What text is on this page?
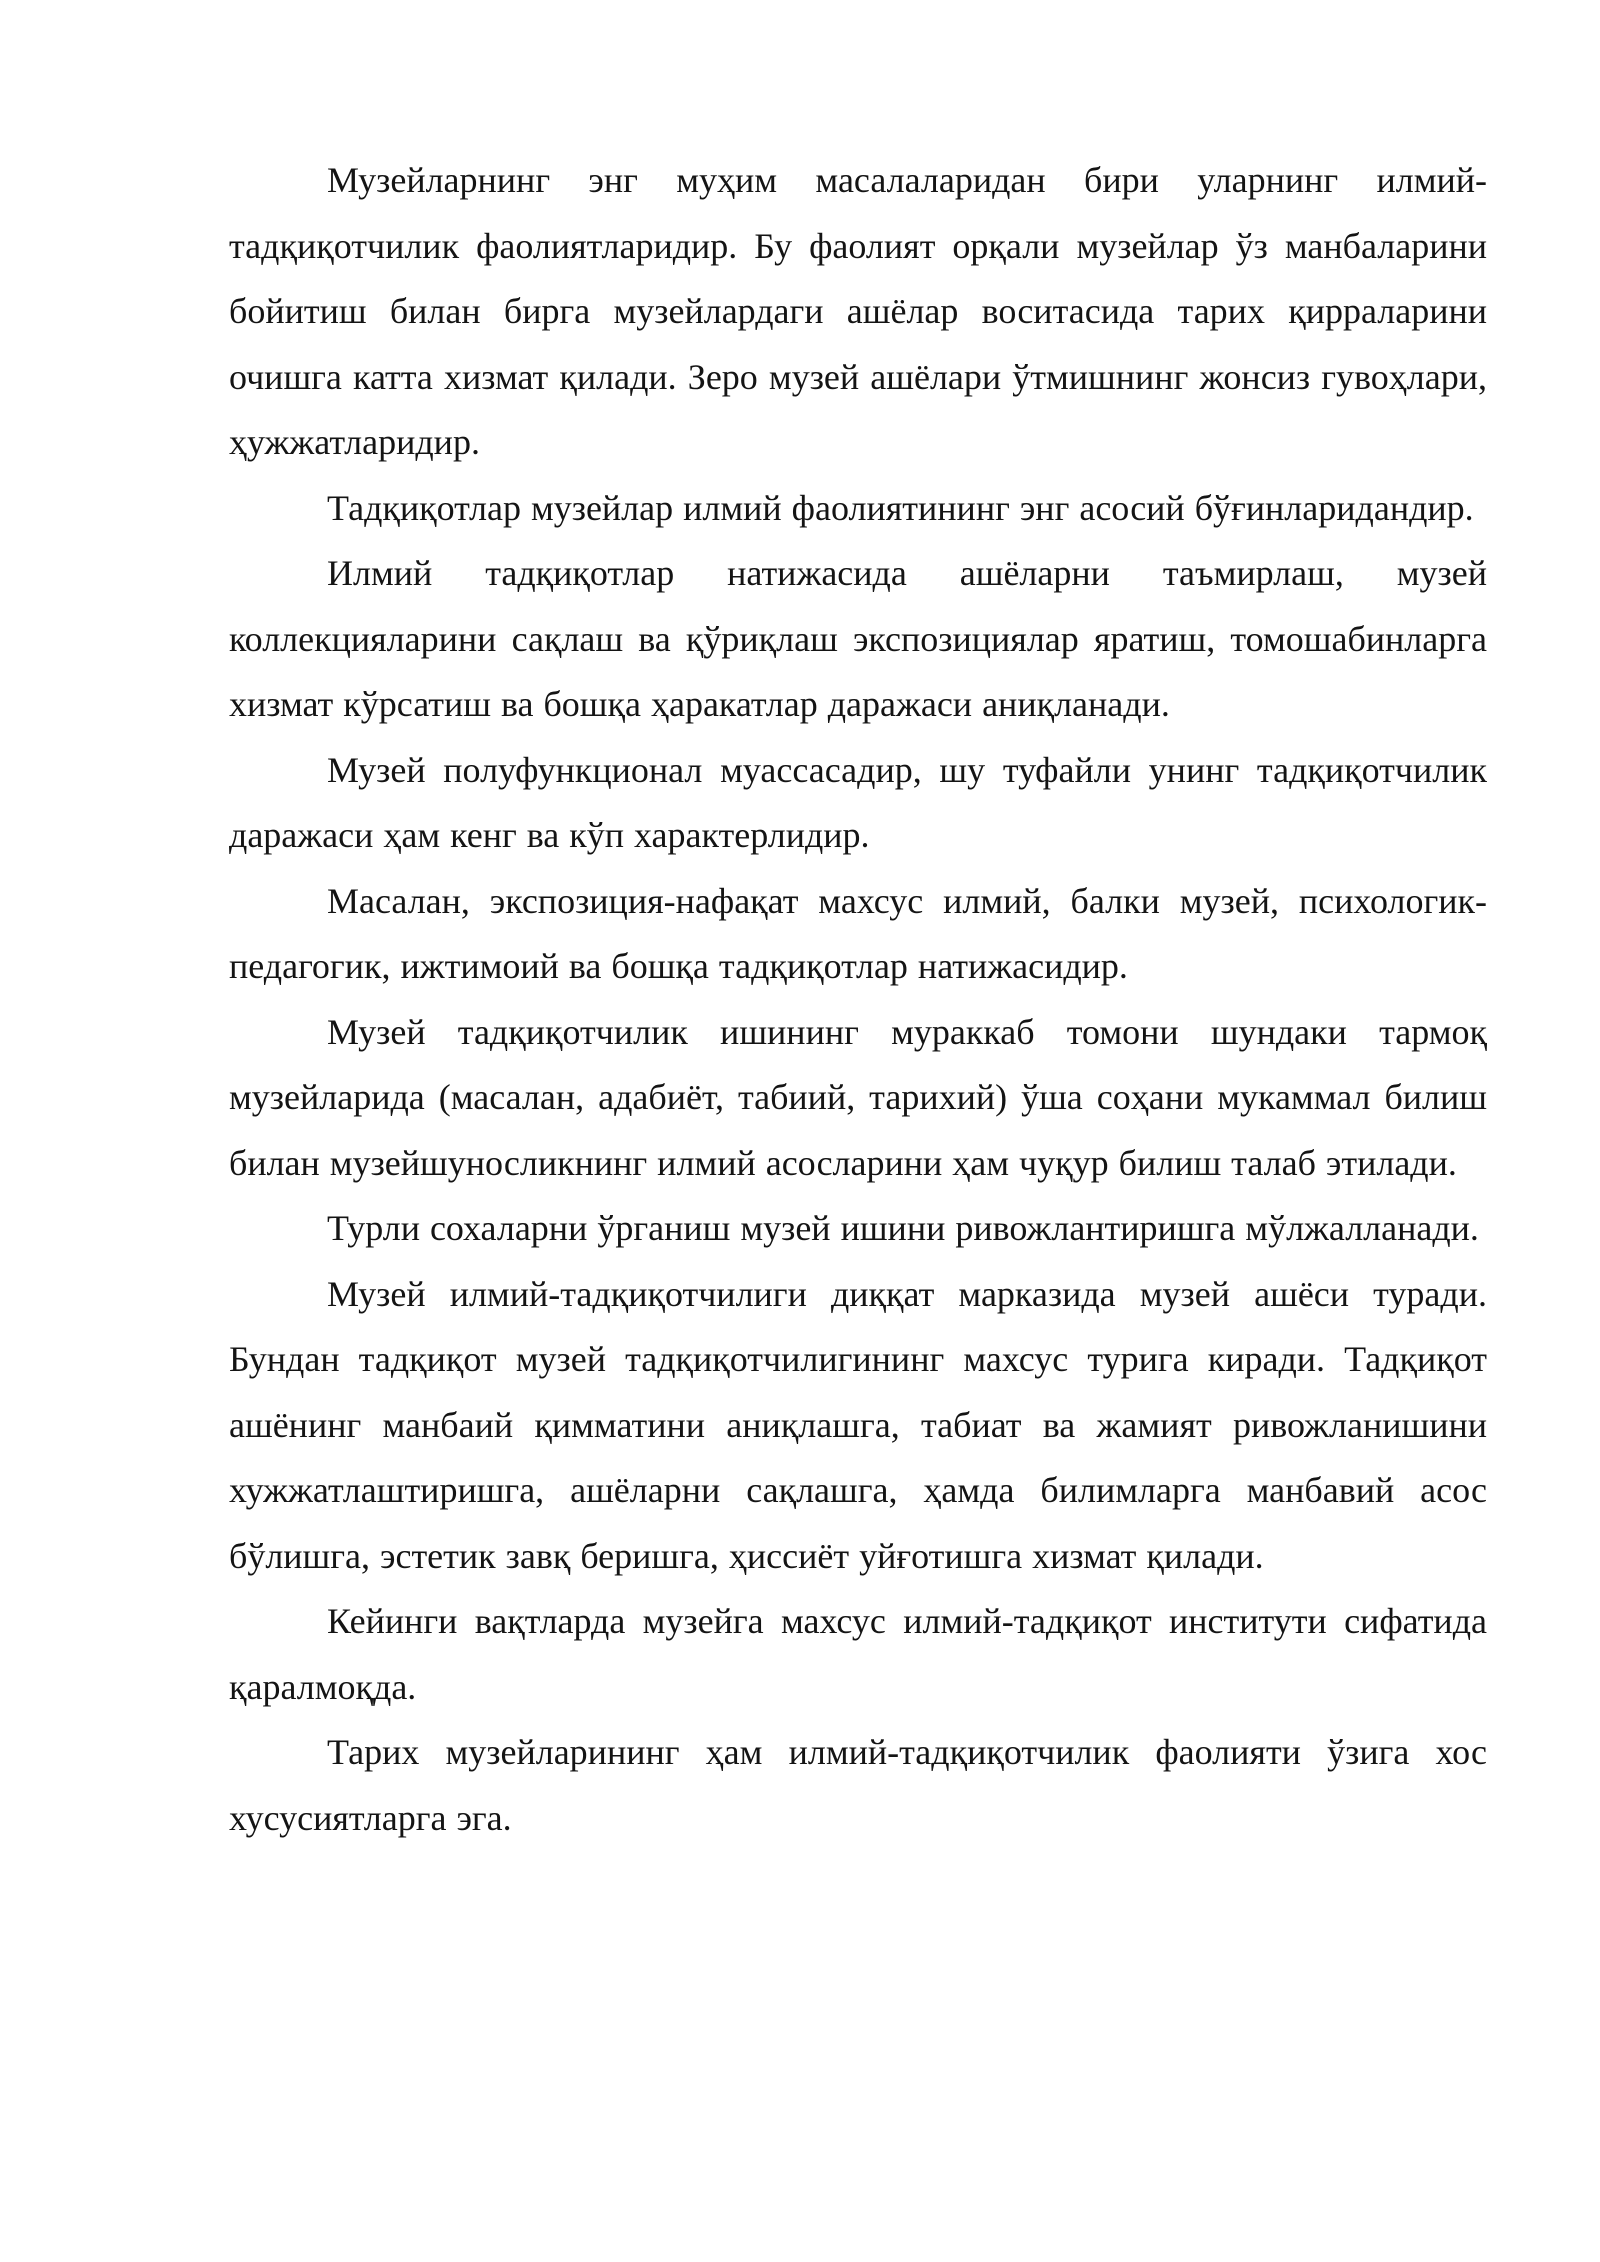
Музейларнинг энг муҳим масалаларидан бири уларнинг илмий-тадқиқотчилик фаолиятларидир. Бу фаолият орқали музейлар ўз манбаларини бойитиш билан бирга музейлардаги ашёлар воситасида тарих қирраларини очишга катта хизмат қилади. Зеро музей ашёлари ўтмишнинг жонсиз гувоҳлари, ҳужжатларидир.

Тадқиқотлар музейлар илмий фаолиятининг энг асосий бўғинларидандир.

Илмий тадқиқотлар натижасида ашёларни таъмирлаш, музей коллекцияларини сақлаш ва қўриқлаш экспозициялар яратиш, томошабинларга хизмат кўрсатиш ва бошқа ҳаракатлар даражаси аниқланади.

Музей полуфункционал муассасадир, шу туфайли унинг тадқиқотчилик даражаси ҳам кенг ва кўп характерлидир.

Масалан, экспозиция-нафақат махсус илмий, балки музей, психологик-педагогик, ижтимоий ва бошқа тадқиқотлар натижасидир.

Музей тадқиқотчилик ишининг мураккаб томони шундаки тармоқ музейларида (масалан, адабиёт, табиий, тарихий) ўша соҳани мукаммал билиш билан музейшуносликнинг илмий асосларини ҳам чуқур билиш талаб этилади.

Турли сохаларни ўрганиш музей ишини ривожлантиришга мўлжалланади.

Музей илмий-тадқиқотчилиги диққат марказида музей ашёси туради. Бундан тадқиқот музей тадқиқотчилигининг махсус турига киради. Тадқиқот ашёнинг манбаий қимматини аниқлашга, табиат ва жамият ривожланишини хужжатлаштиришга, ашёларни сақлашга, ҳамда билимларга манбавий асос бўлишга, эстетик завқ беришга, ҳиссиёт уйғотишга хизмат қилади.

Кейинги вақтларда музейга махсус илмий-тадқиқот институти сифатида қаралмоқда.

Тарих музейларининг ҳам илмий-тадқиқотчилик фаолияти ўзига хос хусусиятларга эга.
